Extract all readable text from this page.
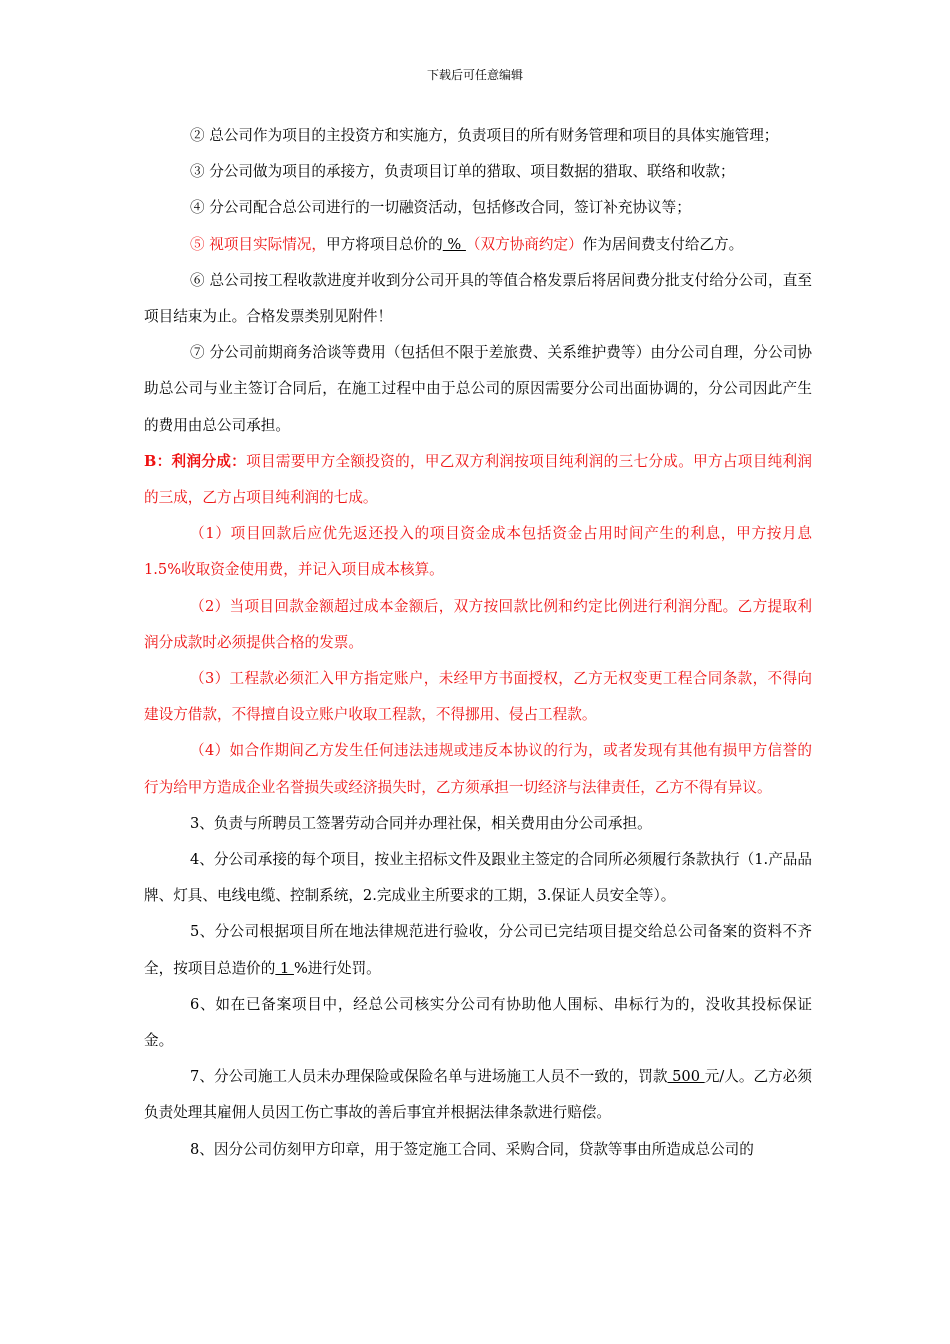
下载后可任意编辑

② 总公司作为项目的主投资方和实施方，负责项目的所有财务管理和项目的具体实施管理；

③ 分公司做为项目的承接方，负责项目订单的猎取、项目数据的猎取、联络和收款；

④ 分公司配合总公司进行的一切融资活动，包括修改合同，签订补充协议等；

⑤ 视项目实际情况，甲方将项目总价的 % （双方协商约定）作为居间费支付给乙方。

⑥ 总公司按工程收款进度并收到分公司开具的等值合格发票后将居间费分批支付给分公司，直至项目结束为止。合格发票类别见附件！

⑦ 分公司前期商务洽谈等费用（包括但不限于差旅费、关系维护费等）由分公司自理，分公司协助总公司与业主签订合同后，在施工过程中由于总公司的原因需要分公司出面协调的，分公司因此产生的费用由总公司承担。

B：利润分成：项目需要甲方全额投资的，甲乙双方利润按项目纯利润的三七分成。甲方占项目纯利润的三成，乙方占项目纯利润的七成。

（1）项目回款后应优先返还投入的项目资金成本包括资金占用时间产生的利息，甲方按月息 1.5%收取资金使用费，并记入项目成本核算。

（2）当项目回款金额超过成本金额后，双方按回款比例和约定比例进行利润分配。乙方提取利润分成款时必须提供合格的发票。

（3）工程款必须汇入甲方指定账户，未经甲方书面授权，乙方无权变更工程合同条款，不得向建设方借款，不得擅自设立账户收取工程款，不得挪用、侵占工程款。

（4）如合作期间乙方发生任何违法违规或违反本协议的行为，或者发现有其他有损甲方信誉的行为给甲方造成企业名誉损失或经济损失时，乙方须承担一切经济与法律责任，乙方不得有异议。

3、负责与所聘员工签署劳动合同并办理社保，相关费用由分公司承担。

4、分公司承接的每个项目，按业主招标文件及跟业主签定的合同所必须履行条款执行（1.产品品牌、灯具、电线电缆、控制系统，2.完成业主所要求的工期，3.保证人员安全等）。

5、分公司根据项目所在地法律规范进行验收，分公司已完结项目提交给总公司备案的资料不齐全，按项目总造价的 1 %进行处罚。

6、如在已备案项目中，经总公司核实分公司有协助他人围标、串标行为的，没收其投标保证金。

7、分公司施工人员未办理保险或保险名单与进场施工人员不一致的，罚款 500 元/人。乙方必须负责处理其雇佣人员因工伤亡事故的善后事宜并根据法律条款进行赔偿。

8、因分公司仿刻甲方印章，用于签定施工合同、采购合同，贷款等事由所造成总公司的
